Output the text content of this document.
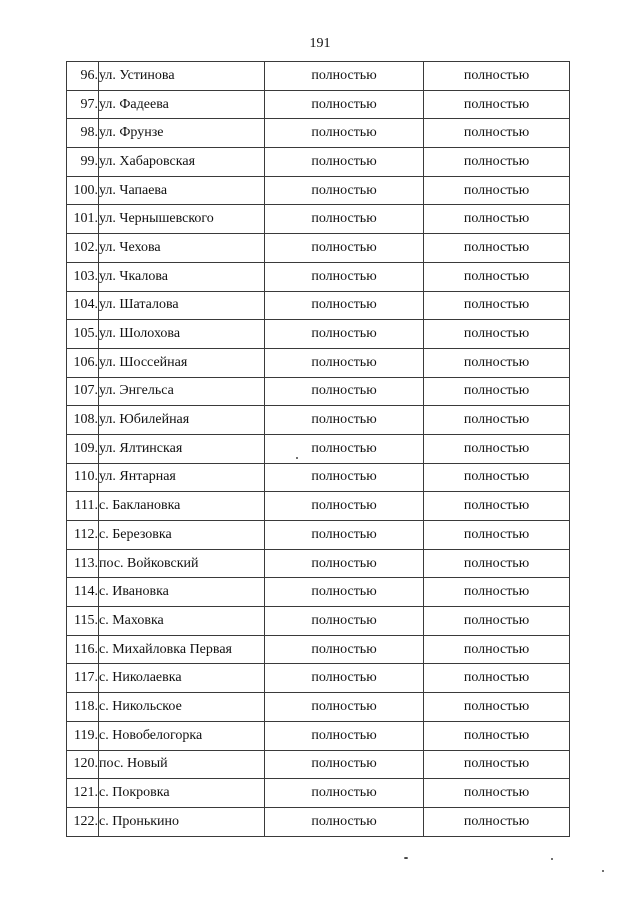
191
96.	ул. Устинова	полностью	полностью
97.	ул. Фадеева	полностью	полностью
98.	ул. Фрунзе	полностью	полностью
99.	ул. Хабаровская	полностью	полностью
100.	ул. Чапаева	полностью	полностью
101.	ул. Чернышевского	полностью	полностью
102.	ул. Чехова	полностью	полностью
103.	ул. Чкалова	полностью	полностью
104.	ул. Шаталова	полностью	полностью
105.	ул. Шолохова	полностью	полностью
106.	ул. Шоссейная	полностью	полностью
107.	ул. Энгельса	полностью	полностью
108.	ул. Юбилейная	полностью	полностью
109.	ул. Ялтинская	полностью	полностью
110.	ул. Янтарная	полностью	полностью
111.	с. Баклановка	полностью	полностью
112.	с. Березовка	полностью	полностью
113.	пос. Войковский	полностью	полностью
114.	с. Ивановка	полностью	полностью
115.	с. Маховка	полностью	полностью
116.	с. Михайловка Первая	полностью	полностью
117.	с. Николаевка	полностью	полностью
118.	с. Никольское	полностью	полностью
119.	с. Новобелогорка	полностью	полностью
120.	пос. Новый	полностью	полностью
121.	с. Покровка	полностью	полностью
122.	с. Пронькино	полностью	полностью
